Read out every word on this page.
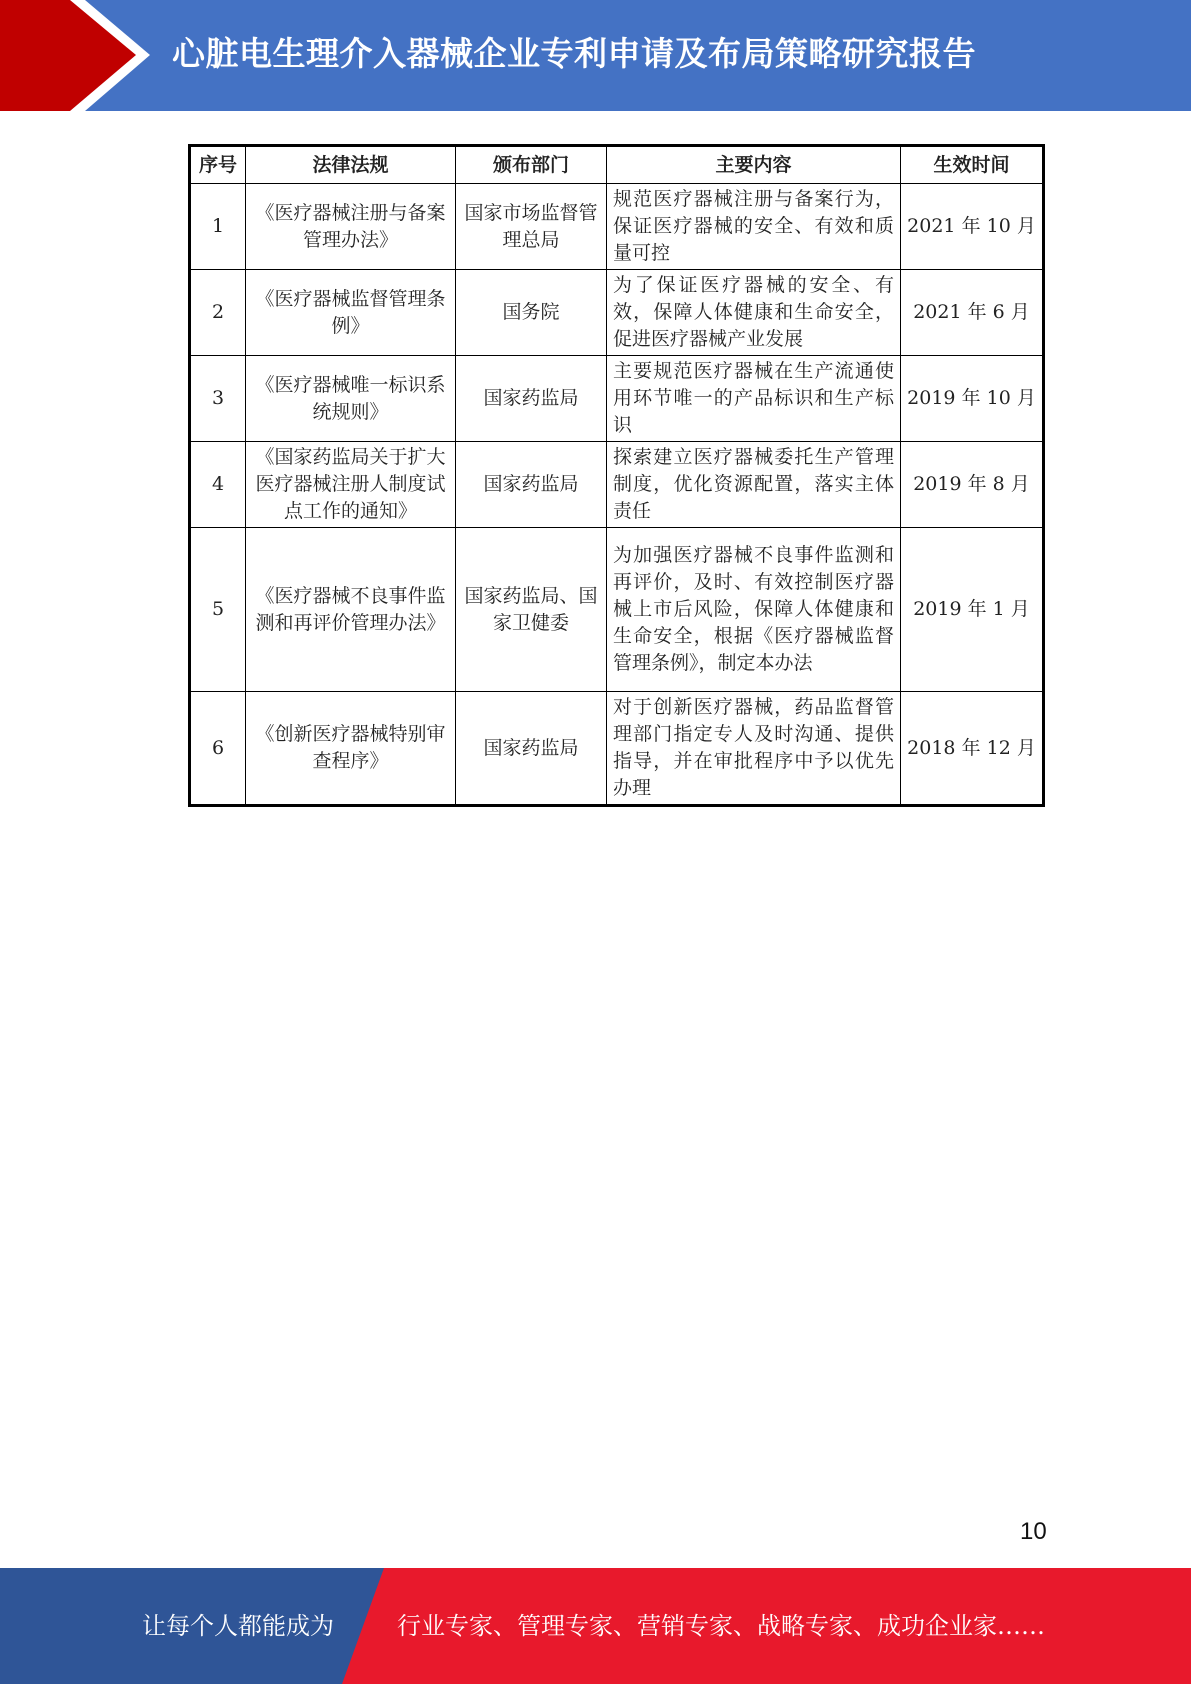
心脏电生理介入器械企业专利申请及布局策略研究报告
序号	法律法规	颁布部门	主要内容	生效时间
1	《医疗器械注册与备案管理办法》	国家市场监督管理总局	规范医疗器械注册与备案行为，保证医疗器械的安全、有效和质量可控	2021 年 10 月
2	《医疗器械监督管理条例》	国务院	为了保证医疗器械的安全、有效，保障人体健康和生命安全，促进医疗器械产业发展	2021 年 6 月
3	《医疗器械唯一标识系统规则》	国家药监局	主要规范医疗器械在生产流通使用环节唯一的产品标识和生产标识	2019 年 10 月
4	《国家药监局关于扩大医疗器械注册人制度试点工作的通知》	国家药监局	探索建立医疗器械委托生产管理制度，优化资源配置，落实主体责任	2019 年 8 月
5	《医疗器械不良事件监测和再评价管理办法》	国家药监局、国家卫健委	为加强医疗器械不良事件监测和再评价，及时、有效控制医疗器械上市后风险，保障人体健康和生命安全，根据《医疗器械监督管理条例》，制定本办法	2019 年 1 月
6	《创新医疗器械特别审查程序》	国家药监局	对于创新医疗器械，药品监督管理部门指定专人及时沟通、提供指导，并在审批程序中予以优先办理	2018 年 12 月
10
让每个人都能成为	行业专家、管理专家、营销专家、战略专家、成功企业家……
